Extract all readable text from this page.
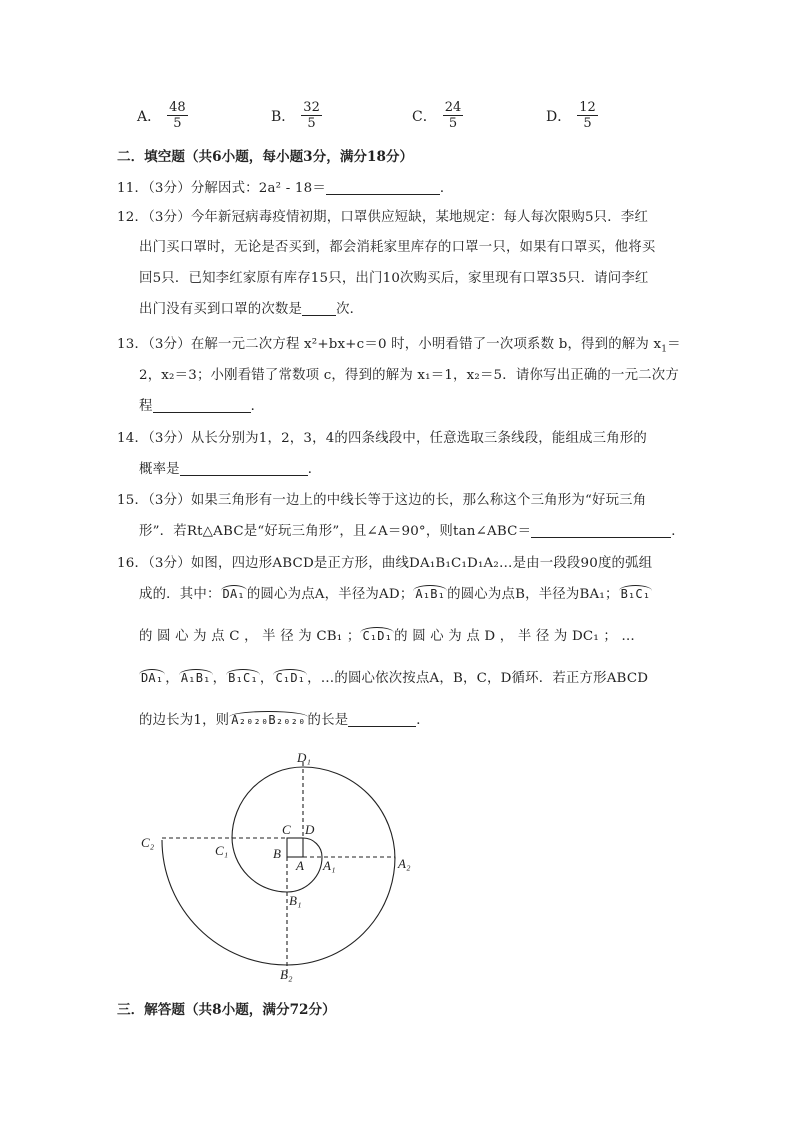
A． $\frac{48}{5}$	B． $\frac{32}{5}$	C． $\frac{24}{5}$	D． $\frac{12}{5}$
二．填空题（共6小题，每小题3分，满分18分）
11．（3分）分解因式：2a² - 18＝	．
12．（3分）今年新冠病毒疫情初期，口罩供应短缺，某地规定：每人每次限购5只．李红
出门买口罩时，无论是否买到，都会消耗家里库存的口罩一只，如果有口罩买，他将买
回5只．已知李红家原有库存15只，出门10次购买后，家里现有口罩35只．请问李红
出门没有买到口罩的次数是	次．
13．（3分）在解一元二次方程 x²+bx+c＝0 时，小明看错了一次项系数 b，得到的解为 $x_1=$
2，x₂＝3；小刚看错了常数项 c，得到的解为 x₁＝1，x₂＝5．请你写出正确的一元二次方
程	．
14．（3分）从长分别为1，2，3，4的四条线段中，任意选取三条线段，能组成三角形的
概率是	．
15．（3分）如果三角形有一边上的中线长等于这边的长，那么称这个三角形为“好玩三角
形”．若Rt△ABC是“好玩三角形”，且∠A＝90°，则tan∠ABC＝	．
16．（3分）如图，四边形ABCD是正方形，曲线DA₁B₁C₁D₁A₂…是由一段段90度的弧组
成的．其中： DA₁ 的圆心为点A，半径为AD； A₁B₁ 的圆心为点B，半径为BA₁； B₁C₁
的 圆 心 为 点 C ， 半 径 为 CB₁ ； C₁D₁ 的 圆 心 为 点 D ， 半 径 为 DC₁ ； …
DA₁ ， A₁B₁ ， B₁C₁ ， C₁D₁ ，…的圆心依次按点A，B，C，D循环．若正方形ABCD
的边长为1，则 A₂₀₂₀B₂₀₂₀ 的长是	．
D₁
C D
C₂
C₁	B
A A₁	A₂
B₁
B₂
三．解答题（共8小题，满分72分）
